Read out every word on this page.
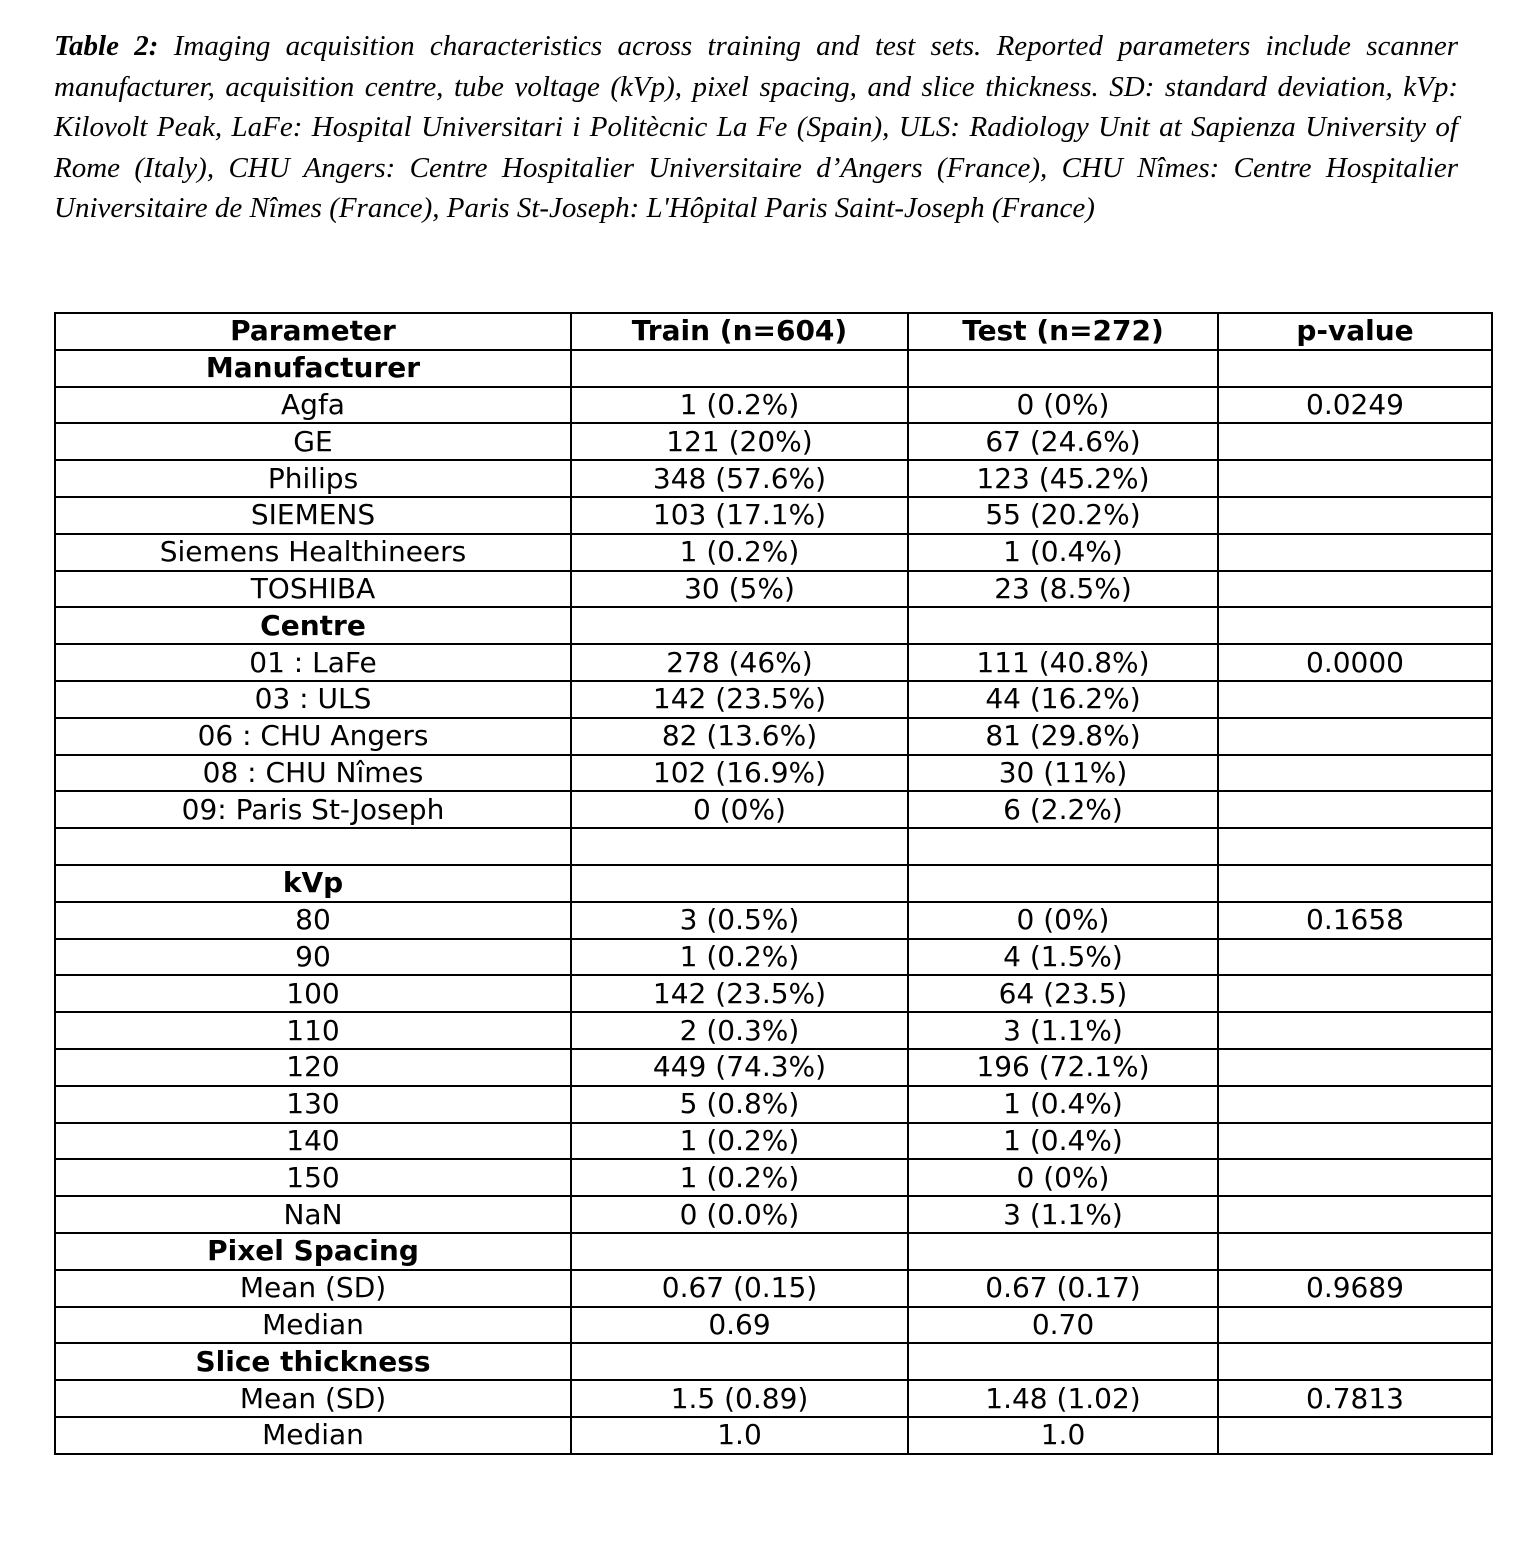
Table 2: Imaging acquisition characteristics across training and test sets. Reported parameters include scanner manufacturer, acquisition centre, tube voltage (kVp), pixel spacing, and slice thickness. SD: standard deviation, kVp: Kilovolt Peak, LaFe: Hospital Universitari i Politècnic La Fe (Spain), ULS: Radiology Unit at Sapienza University of Rome (Italy), CHU Angers: Centre Hospitalier Universitaire d’Angers (France), CHU Nîmes: Centre Hospitalier Universitaire de Nîmes (France), Paris St-Joseph: L'Hôpital Paris Saint-Joseph (France)
Parameter	Train (n=604)	Test (n=272)	p-value
Manufacturer			
Agfa	1 (0.2%)	0 (0%)	0.0249
GE	121 (20%)	67 (24.6%)	
Philips	348 (57.6%)	123 (45.2%)	
SIEMENS	103 (17.1%)	55 (20.2%)	
Siemens Healthineers	1 (0.2%)	1 (0.4%)	
TOSHIBA	30 (5%)	23 (8.5%)	
Centre			
01 : LaFe	278 (46%)	111 (40.8%)	0.0000
03 : ULS	142 (23.5%)	44 (16.2%)	
06 : CHU Angers	82 (13.6%)	81 (29.8%)	
08 : CHU Nîmes	102 (16.9%)	30 (11%)	
09: Paris St-Joseph	0 (0%)	6 (2.2%)	

kVp			
80	3 (0.5%)	0 (0%)	0.1658
90	1 (0.2%)	4 (1.5%)	
100	142 (23.5%)	64 (23.5)	
110	2 (0.3%)	3 (1.1%)	
120	449 (74.3%)	196 (72.1%)	
130	5 (0.8%)	1 (0.4%)	
140	1 (0.2%)	1 (0.4%)	
150	1 (0.2%)	0 (0%)	
NaN	0 (0.0%)	3 (1.1%)	
Pixel Spacing			
Mean (SD)	0.67 (0.15)	0.67 (0.17)	0.9689
Median	0.69	0.70	
Slice thickness			
Mean (SD)	1.5 (0.89)	1.48 (1.02)	0.7813
Median	1.0	1.0	
